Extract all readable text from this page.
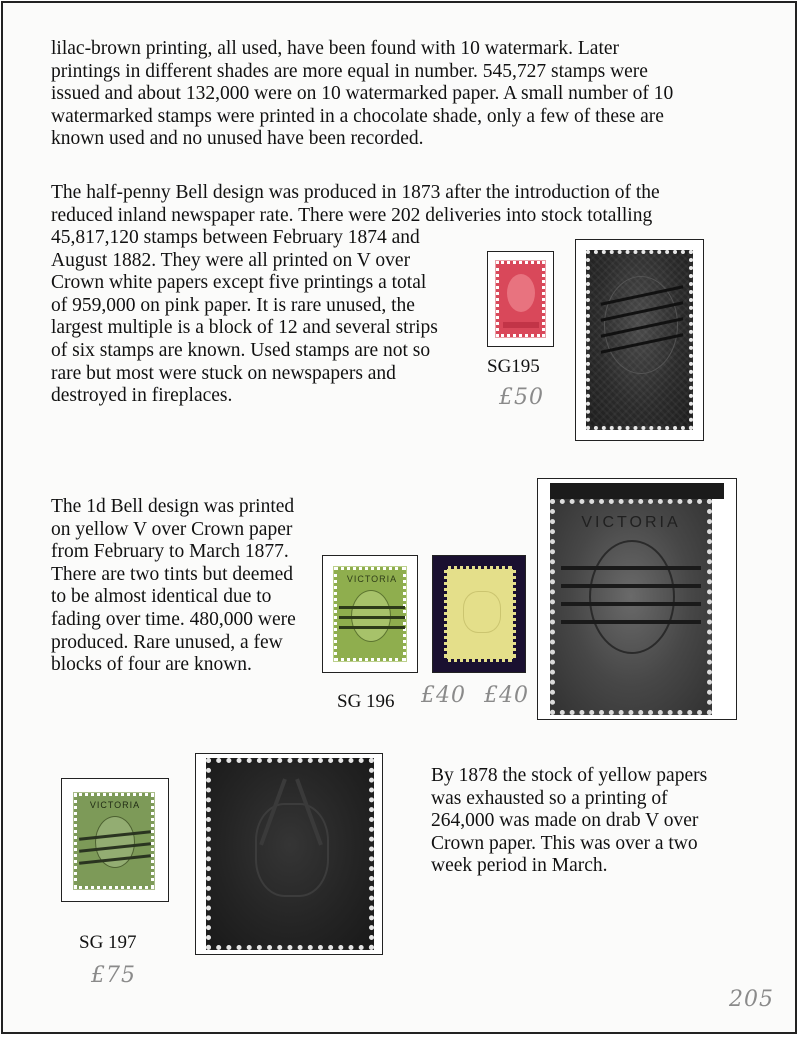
lilac-brown printing, all used, have been found with 10 watermark. Later
printings in different shades are more equal in number. 545,727 stamps were
issued and about 132,000 were on 10 watermarked paper. A small number of 10
watermarked stamps were printed in a chocolate shade, only a few of these are
known used and no unused have been recorded.

The half-penny Bell design was produced in 1873 after the introduction of the
reduced inland newspaper rate. There were 202 deliveries into stock totalling

45,817,120 stamps between February 1874 and
August 1882. They were all printed on V over
Crown white papers except five printings a total
of 959,000 on pink paper. It is rare unused, the
largest multiple is a block of 12 and several strips
of six stamps are known. Used stamps are not so
rare but most were stuck on newspapers and
destroyed in fireplaces.

SG195
£50

The 1d Bell design was printed
on yellow V over Crown paper
from February to March 1877.
There are two tints but deemed
to be almost identical due to
fading over time. 480,000 were
produced. Rare unused, a few
blocks of four are known.

VICTORIA
SG 196 £40 £40
VICTORIA
VICTORIA
SG 197
£75

By 1878 the stock of yellow papers
was exhausted so a printing of
264,000 was made on drab V over
Crown paper. This was over a two
week period in March.

205
